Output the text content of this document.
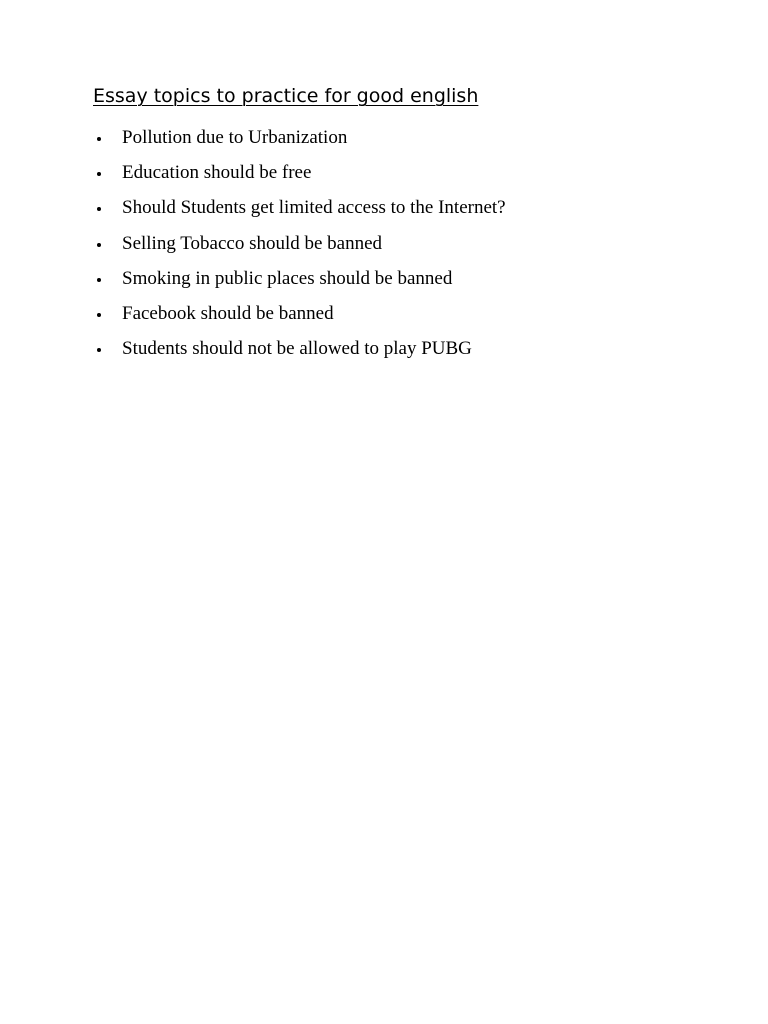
Essay topics to practice for good english
Pollution due to Urbanization
Education should be free
Should Students get limited access to the Internet?
Selling Tobacco should be banned
Smoking in public places should be banned
Facebook should be banned
Students should not be allowed to play PUBG
